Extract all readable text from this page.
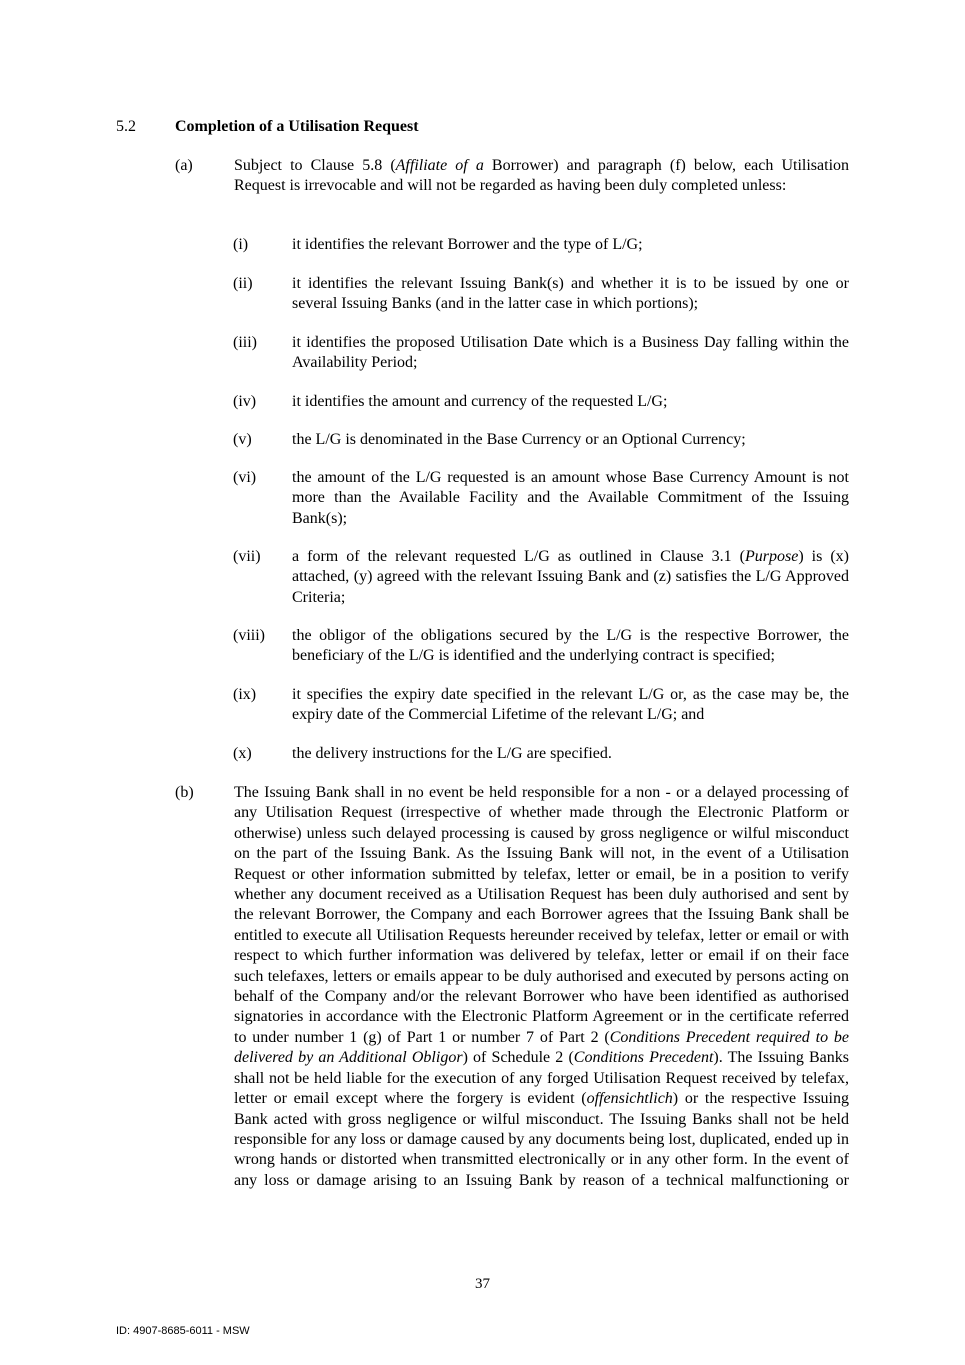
5.2 Completion of a Utilisation Request
(a)	Subject to Clause 5.8 (Affiliate of a Borrower) and paragraph (f) below, each Utilisation Request is irrevocable and will not be regarded as having been duly completed unless:
(i)	it identifies the relevant Borrower and the type of L/G;
(ii) it identifies the relevant Issuing Bank(s) and whether it is to be issued by one or several Issuing Banks (and in the latter case in which portions);
(iii) it identifies the proposed Utilisation Date which is a Business Day falling within the Availability Period;
(iv) it identifies the amount and currency of the requested L/G;
(v)	the L/G is denominated in the Base Currency or an Optional Currency;
(vi) the amount of the L/G requested is an amount whose Base Currency Amount is not more than the Available Facility and the Available Commitment of the Issuing Bank(s);
(vii) a form of the relevant requested L/G as outlined in Clause 3.1 (Purpose) is (x) attached, (y) agreed with the relevant Issuing Bank and (z) satisfies the L/G Approved Criteria;
(viii) the obligor of the obligations secured by the L/G is the respective Borrower, the beneficiary of the L/G is identified and the underlying contract is specified;
(ix) it specifies the expiry date specified in the relevant L/G or, as the case may be, the expiry date of the Commercial Lifetime of the relevant L/G; and
(x)	the delivery instructions for the L/G are specified.
(b)	The Issuing Bank shall in no event be held responsible for a non - or a delayed processing of any Utilisation Request (irrespective of whether made through the Electronic Platform or otherwise) unless such delayed processing is caused by gross negligence or wilful misconduct on the part of the Issuing Bank. As the Issuing Bank will not, in the event of a Utilisation Request or other information submitted by telefax, letter or email, be in a position to verify whether any document received as a Utilisation Request has been duly authorised and sent by the relevant Borrower, the Company and each Borrower agrees that the Issuing Bank shall be entitled to execute all Utilisation Requests hereunder received by telefax, letter or email or with respect to which further information was delivered by telefax, letter or email if on their face such telefaxes, letters or emails appear to be duly authorised and executed by persons acting on behalf of the Company and/or the relevant Borrower who have been identified as authorised signatories in accordance with the Electronic Platform Agreement or in the certificate referred to under number 1 (g) of Part 1 or number 7 of Part 2 (Conditions Precedent required to be delivered by an Additional Obligor) of Schedule 2 (Conditions Precedent). The Issuing Banks shall not be held liable for the execution of any forged Utilisation Request received by telefax, letter or email except where the forgery is evident (offensichtlich) or the respective Issuing Bank acted with gross negligence or wilful misconduct. The Issuing Banks shall not be held responsible for any loss or damage caused by any documents being lost, duplicated, ended up in wrong hands or distorted when transmitted electronically or in any other form. In the event of any loss or damage arising to an Issuing Bank by reason of a technical malfunctioning or
37
ID: 4907-8685-6011 - MSW
